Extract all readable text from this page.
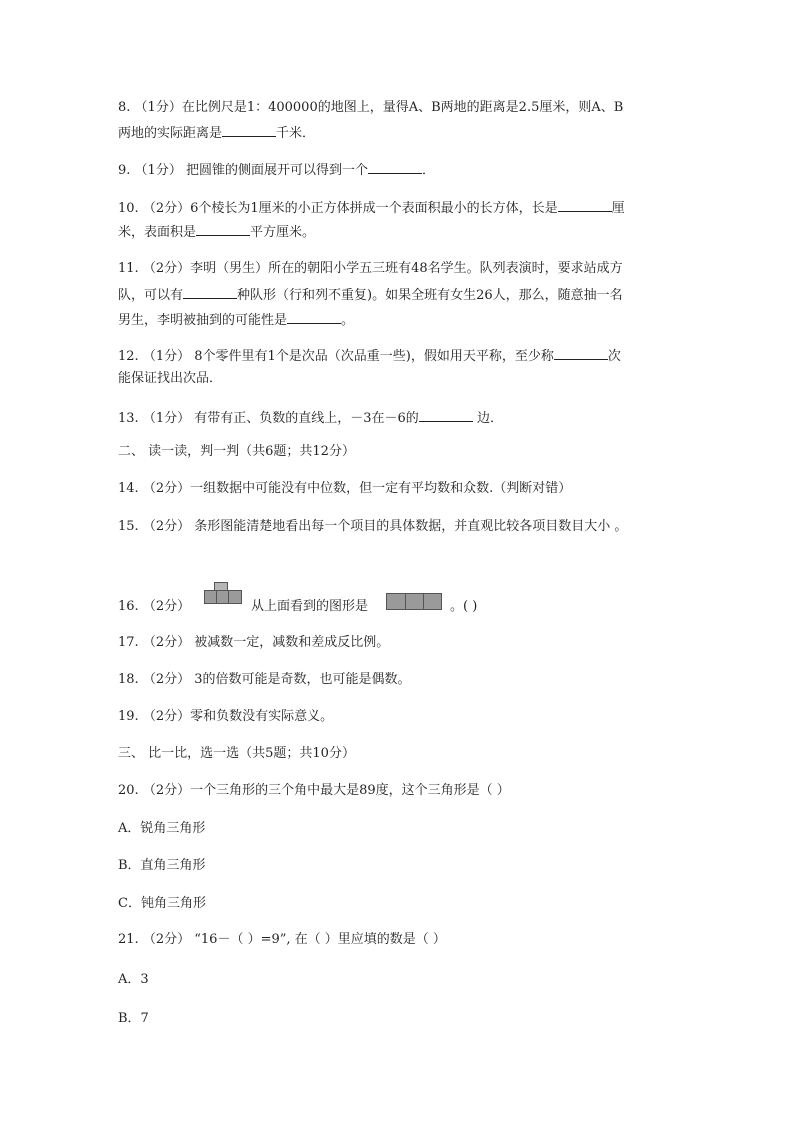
8. （1分）在比例尺是1：400000的地图上，量得A、B两地的距离是2.5厘米，则A、B
两地的实际距离是	千米．
9. （1分） 把圆锥的侧面展开可以得到一个	．
10. （2分）6个棱长为1厘米的小正方体拼成一个表面积最小的长方体，长是	厘
米，表面积是	平方厘米。
11. （2分）李明（男生）所在的朝阳小学五三班有48名学生。队列表演时，要求站成方
队，可以有	种队形（行和列不重复)。如果全班有女生26人，那么，随意抽一名
男生，李明被抽到的可能性是	。
12. （1分） 8个零件里有1个是次品（次品重一些)，假如用天平称，至少称	次
能保证找出次品．
13. （1分） 有带有正、负数的直线上，－3在－6的	边．
二、 读一读，判一判（共6题；共12分）
14. （2分）一组数据中可能没有中位数，但一定有平均数和众数.（判断对错）
15. （2分） 条形图能清楚地看出每一个项目的具体数据，并直观比较各项目数目大小 。
16. （2分）	从上面看到的图形是	。( )
17. （2分） 被减数一定，减数和差成反比例。
18. （2分） 3的倍数可能是奇数，也可能是偶数。
19. （2分）零和负数没有实际意义。
三、 比一比，选一选（共5题；共10分）
20. （2分）一个三角形的三个角中最大是89度，这个三角形是（ ）
A．锐角三角形
B．直角三角形
C．钝角三角形
21. （2分） “16－（ ）=9”, 在（ ）里应填的数是（ ）
A．3
B．7
